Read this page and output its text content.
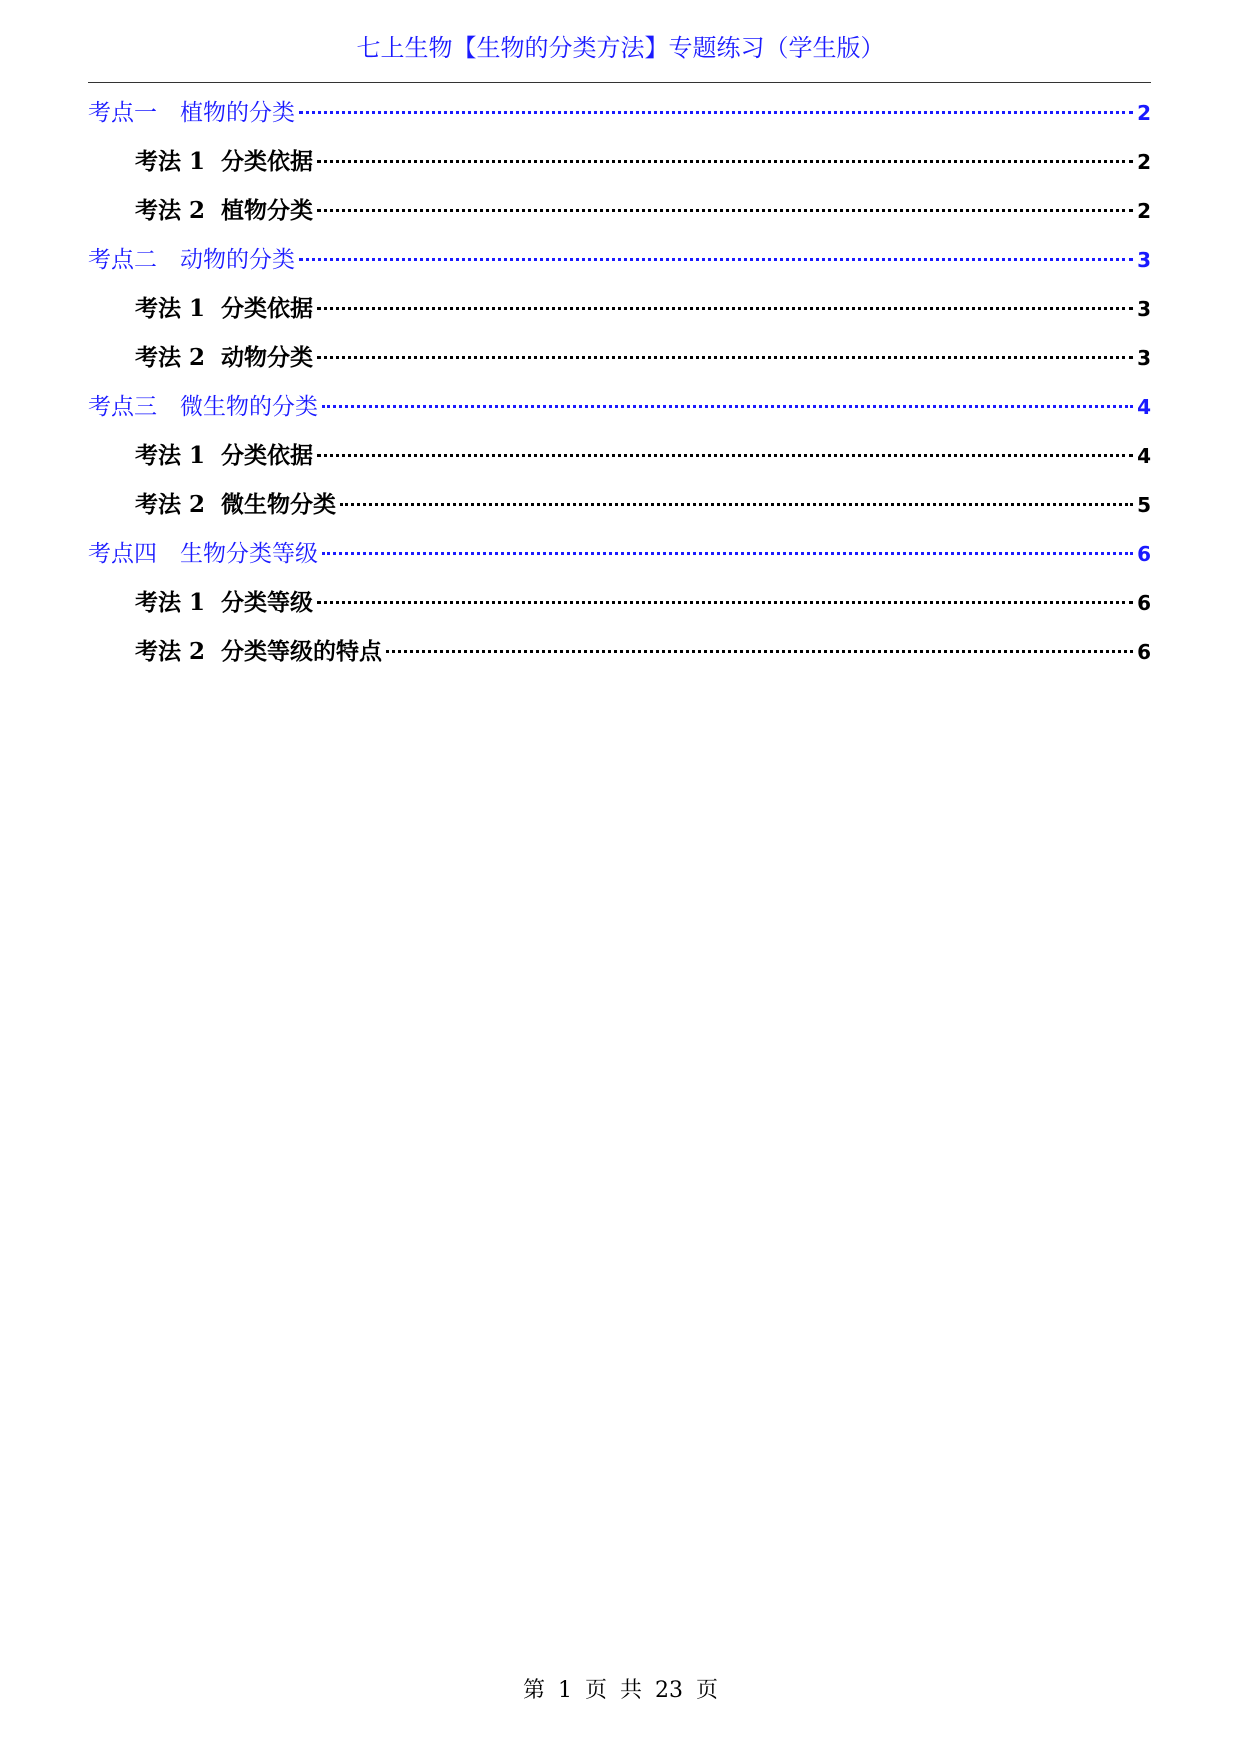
七上生物【生物的分类方法】专题练习（学生版）
考点一　植物的分类	2
考法 1  分类依据	2
考法 2  植物分类	2
考点二　动物的分类	3
考法 1  分类依据	3
考法 2  动物分类	3
考点三　微生物的分类	4
考法 1  分类依据	4
考法 2  微生物分类	5
考点四　生物分类等级	6
考法 1  分类等级	6
考法 2  分类等级的特点	6
第 1 页 共 23 页
